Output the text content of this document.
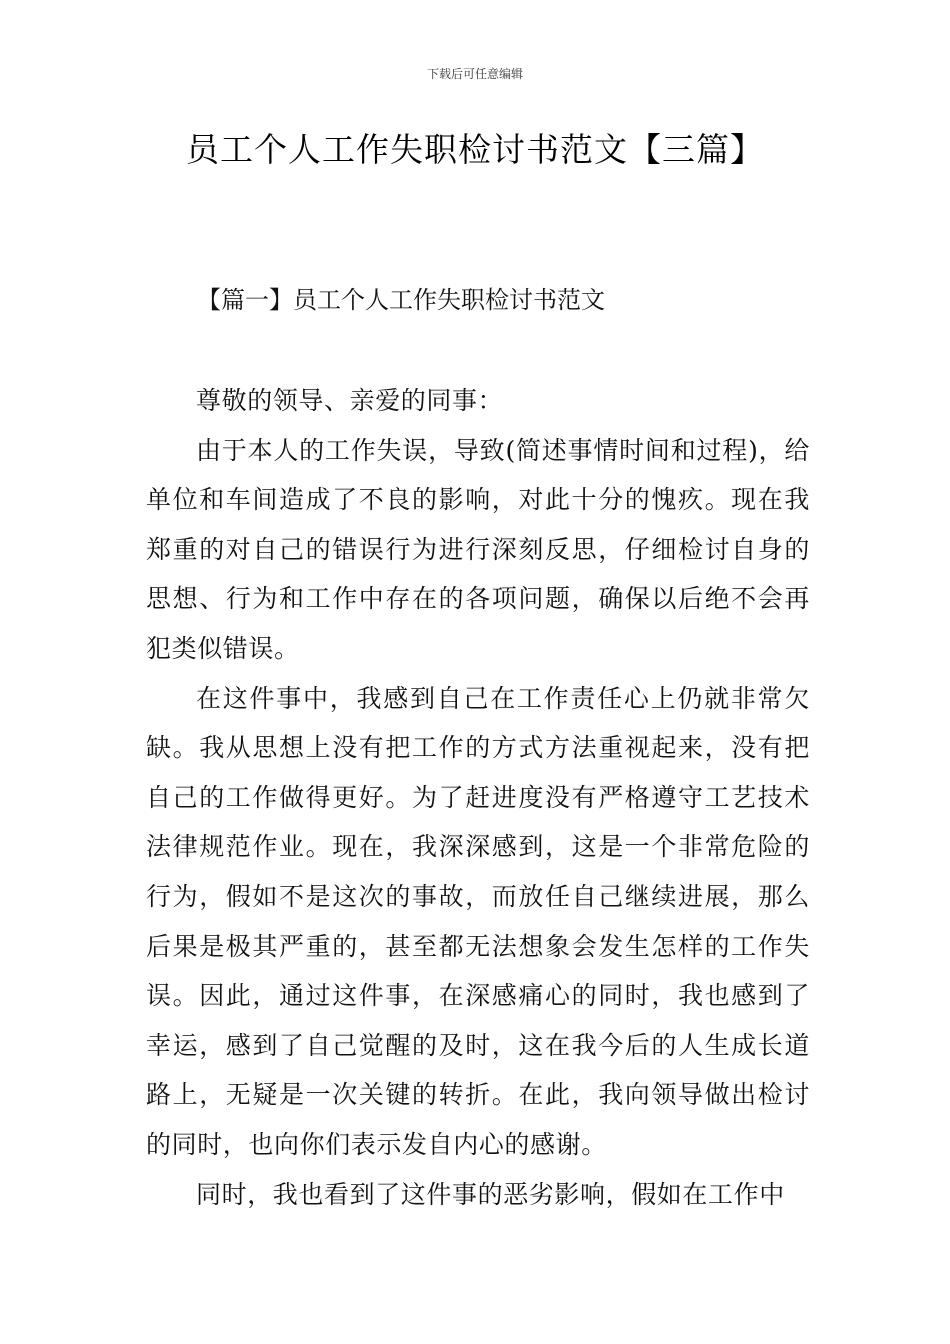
下载后可任意编辑
员工个人工作失职检讨书范文【三篇】
【篇一】员工个人工作失职检讨书范文

尊敬的领导、亲爱的同事：

由于本人的工作失误，导致(简述事情时间和过程)，给单位和车间造成了不良的影响，对此十分的愧疚。现在我郑重的对自己的错误行为进行深刻反思，仔细检讨自身的思想、行为和工作中存在的各项问题，确保以后绝不会再犯类似错误。

在这件事中，我感到自己在工作责任心上仍就非常欠缺。我从思想上没有把工作的方式方法重视起来，没有把自己的工作做得更好。为了赶进度没有严格遵守工艺技术法律规范作业。现在，我深深感到，这是一个非常危险的行为，假如不是这次的事故，而放任自己继续进展，那么后果是极其严重的，甚至都无法想象会发生怎样的工作失误。因此，通过这件事，在深感痛心的同时，我也感到了幸运，感到了自己觉醒的及时，这在我今后的人生成长道路上，无疑是一次关键的转折。在此，我向领导做出检讨的同时，也向你们表示发自内心的感谢。

同时，我也看到了这件事的恶劣影响，假如在工作中
